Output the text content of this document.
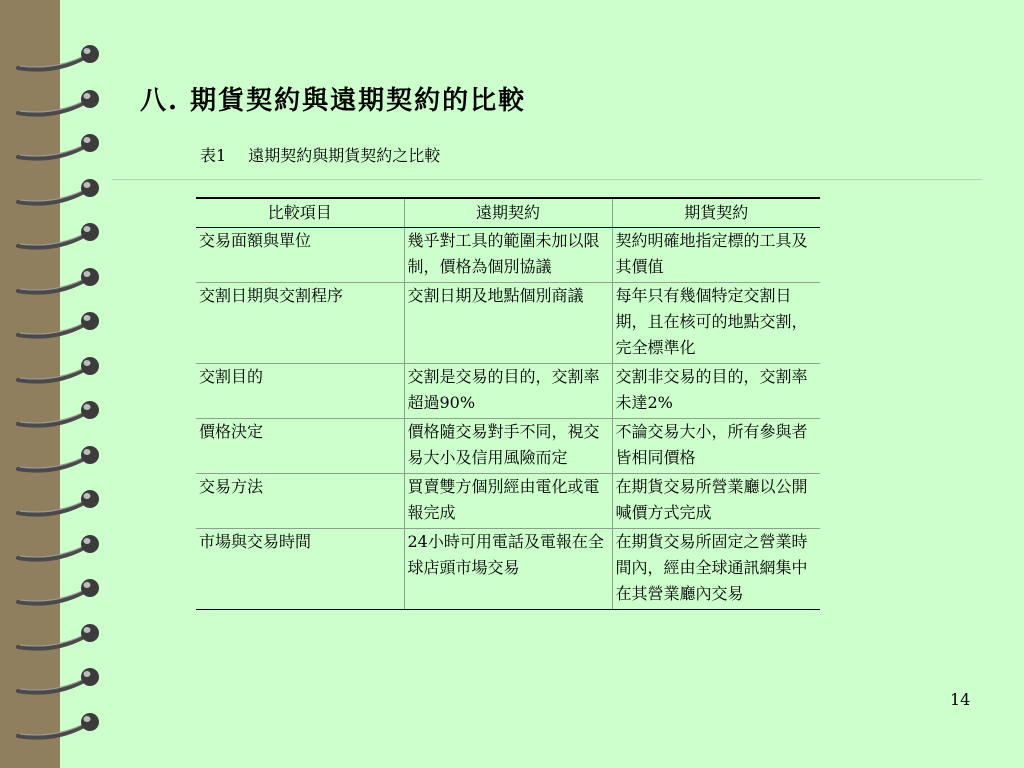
八. 期貨契約與遠期契約的比較
表1 遠期契約與期貨契約之比較
比較項目	遠期契約	期貨契約
交易面額與單位	幾乎對工具的範圍未加以限制，價格為個別協議	契約明確地指定標的工具及其價值
交割日期與交割程序	交割日期及地點個別商議	每年只有幾個特定交割日期，且在核可的地點交割，完全標準化
交割目的	交割是交易的目的，交割率超過90%	交割非交易的目的，交割率未達2%
價格決定	價格隨交易對手不同，視交易大小及信用風險而定	不論交易大小，所有參與者皆相同價格
交易方法	買賣雙方個別經由電化或電報完成	在期貨交易所營業廳以公開喊價方式完成
市場與交易時間	24小時可用電話及電報在全球店頭市場交易	在期貨交易所固定之營業時間內，經由全球通訊網集中在其營業廳內交易
14
